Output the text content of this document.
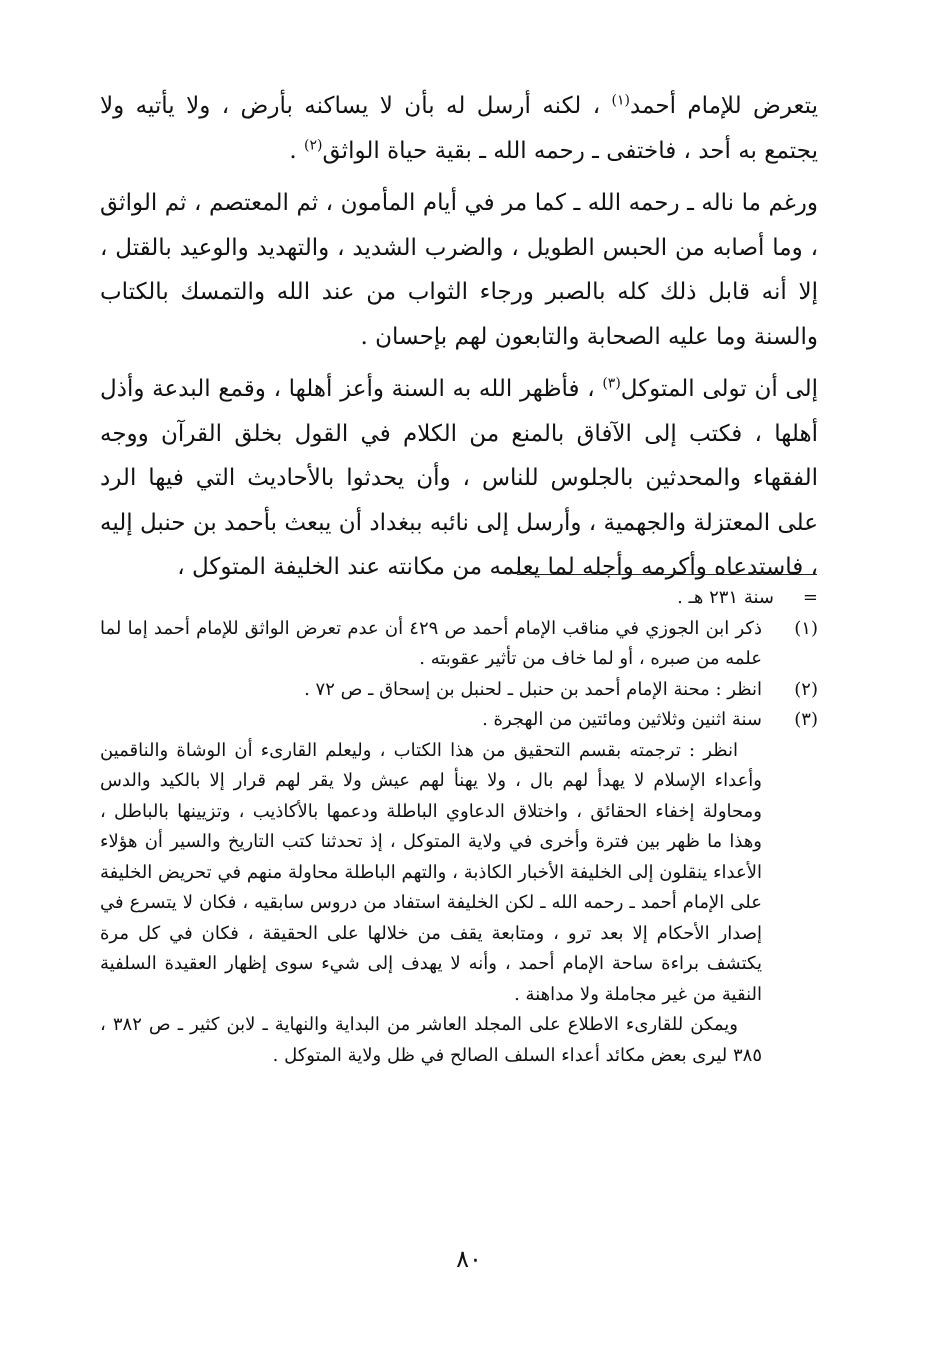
يتعرض للإمام أحمد$^{(١)}$ ، لكنه أرسل له بأن لا يساكنه بأرض ، ولا يأتيه ولا يجتمع به أحد ، فاختفى ـ رحمه الله ـ بقية حياة الواثق$^{(٢)}$ .

ورغم ما ناله ـ رحمه الله ـ كما مر في أيام المأمون ، ثم المعتصم ، ثم الواثق ، وما أصابه من الحبس الطويل ، والضرب الشديد ، والتهديد والوعيد بالقتل ، إلا أنه قابل ذلك كله بالصبر ورجاء الثواب من عند الله والتمسك بالكتاب والسنة وما عليه الصحابة والتابعون لهم بإحسان .

إلى أن تولى المتوكل$^{(٣)}$ ، فأظهر الله به السنة وأعز أهلها ، وقمع البدعة وأذل أهلها ، فكتب إلى الآفاق بالمنع من الكلام في القول بخلق القرآن ووجه الفقهاء والمحدثين بالجلوس للناس ، وأن يحدثوا بالأحاديث التي فيها الرد على المعتزلة والجهمية ، وأرسل إلى نائبه ببغداد أن يبعث بأحمد بن حنبل إليه ، فاستدعاه وأكرمه وأجله لما يعلمه من مكانته عند الخليفة المتوكل ،

=
سنة ٢٣١ هـ .
(١)
ذكر ابن الجوزي في مناقب الإمام أحمد ص ٤٢٩ أن عدم تعرض الواثق للإمام أحمد إما لما علمه من صبره ، أو لما خاف من تأثير عقوبته .
(٢)
انظر : محنة الإمام أحمد بن حنبل ـ لحنبل بن إسحاق ـ ص ٧٢ .
(٣)
سنة اثنين وثلاثين ومائتين من الهجرة .

انظر : ترجمته بقسم التحقيق من هذا الكتاب ، وليعلم القارىء أن الوشاة والناقمين وأعداء الإسلام لا يهدأ لهم بال ، ولا يهنأ لهم عيش ولا يقر لهم قرار إلا بالكيد والدس ومحاولة إخفاء الحقائق ، واختلاق الدعاوي الباطلة ودعمها بالأكاذيب ، وتزيينها بالباطل ، وهذا ما ظهر بين فترة وأخرى في ولاية المتوكل ، إذ تحدثنا كتب التاريخ والسير أن هؤلاء الأعداء ينقلون إلى الخليفة الأخبار الكاذبة ، والتهم الباطلة محاولة منهم في تحريض الخليفة على الإمام أحمد ـ رحمه الله ـ لكن الخليفة استفاد من دروس سابقيه ، فكان لا يتسرع في إصدار الأحكام إلا بعد ترو ، ومتابعة يقف من خلالها على الحقيقة ، فكان في كل مرة يكتشف براءة ساحة الإمام أحمد ، وأنه لا يهدف إلى شيء سوى إظهار العقيدة السلفية النقية من غير مجاملة ولا مداهنة .

ويمكن للقارىء الاطلاع على المجلد العاشر من البداية والنهاية ـ لابن كثير ـ ص ٣٨٢ ، ٣٨٥ ليرى بعض مكائد أعداء السلف الصالح في ظل ولاية المتوكل .

٨٠
